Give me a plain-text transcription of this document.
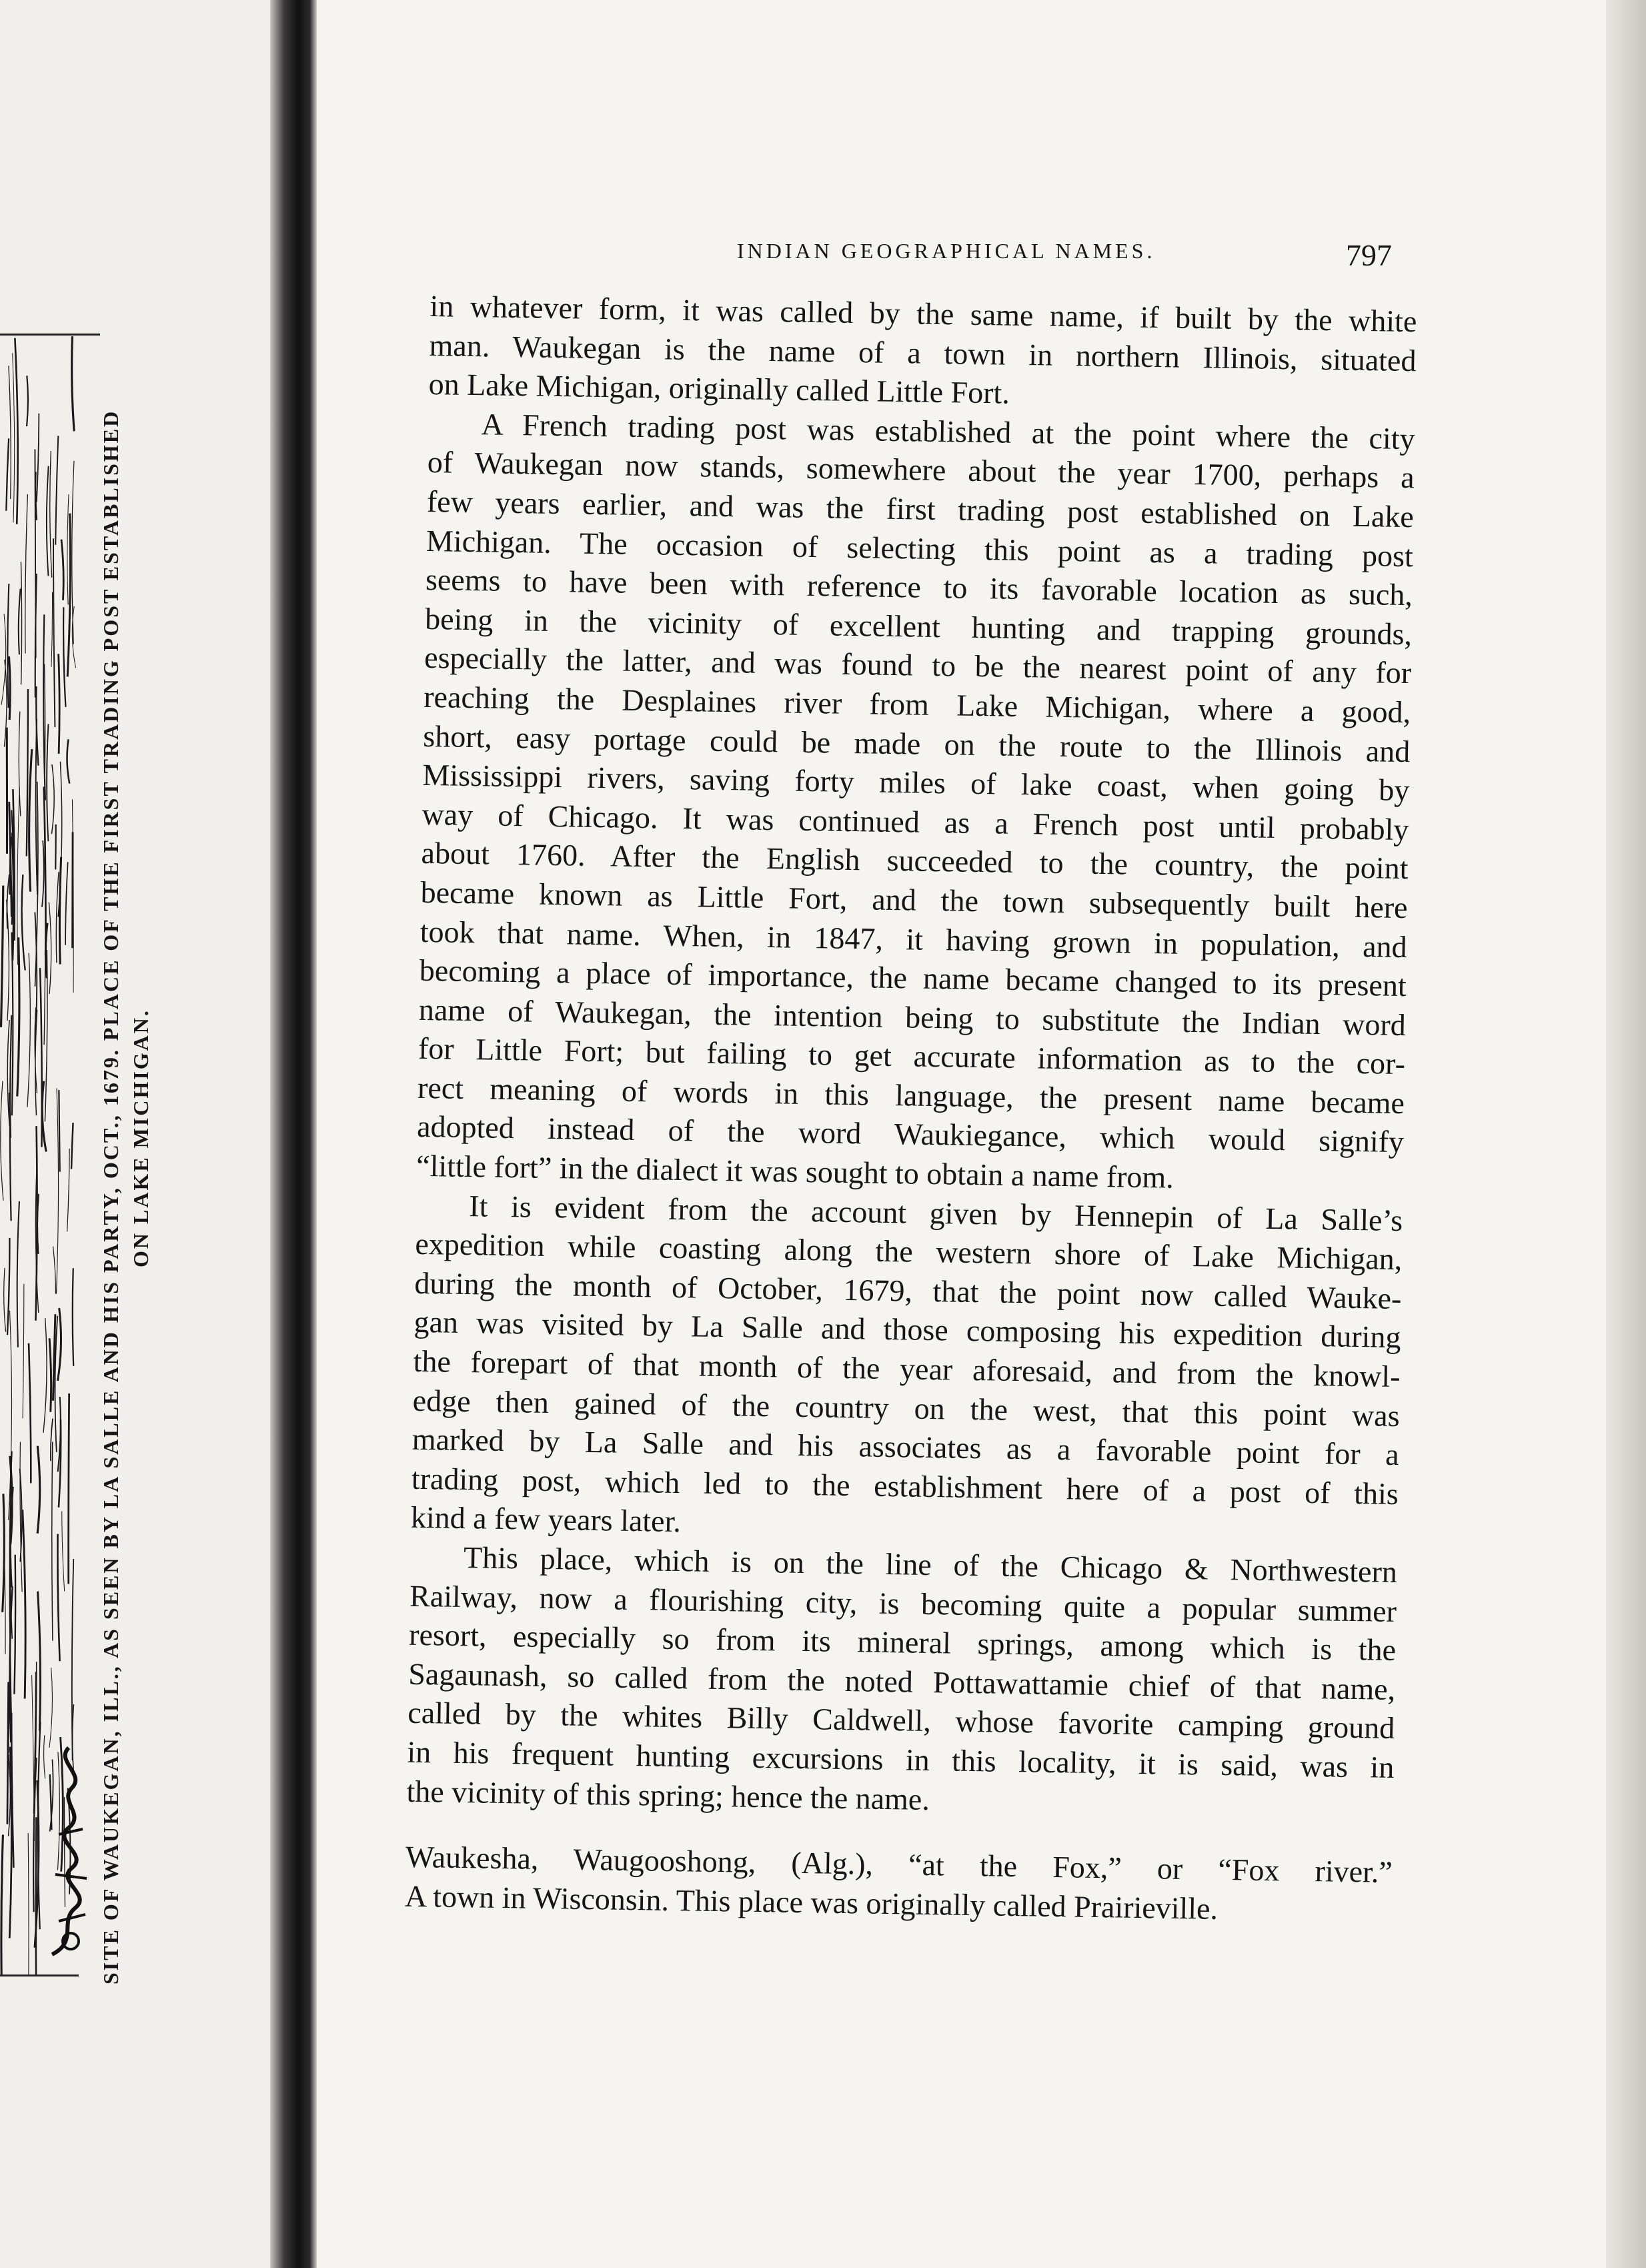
SITE OF WAUKEGAN, ILL., AS SEEN BY LA SALLE AND HIS PARTY, OCT., 1679. PLACE OF THE FIRST TRADING POST ESTABLISHED ON LAKE MICHIGAN.
INDIAN GEOGRAPHICAL NAMES.	797
in whatever form, it was called by the same name, if built by the white
man. Waukegan is the name of a town in northern Illinois, situated
on Lake Michigan, originally called Little Fort.
A French trading post was established at the point where the city
of Waukegan now stands, somewhere about the year 1700, perhaps a
few years earlier, and was the first trading post established on Lake
Michigan. The occasion of selecting this point as a trading post
seems to have been with reference to its favorable location as such,
being in the vicinity of excellent hunting and trapping grounds,
especially the latter, and was found to be the nearest point of any for
reaching the Desplaines river from Lake Michigan, where a good,
short, easy portage could be made on the route to the Illinois and
Mississippi rivers, saving forty miles of lake coast, when going by
way of Chicago. It was continued as a French post until probably
about 1760. After the English succeeded to the country, the point
became known as Little Fort, and the town subsequently built here
took that name. When, in 1847, it having grown in population, and
becoming a place of importance, the name became changed to its present
name of Waukegan, the intention being to substitute the Indian word
for Little Fort; but failing to get accurate information as to the cor-
rect meaning of words in this language, the present name became
adopted instead of the word Waukiegance, which would signify
“little fort” in the dialect it was sought to obtain a name from.
It is evident from the account given by Hennepin of La Salle’s
expedition while coasting along the western shore of Lake Michigan,
during the month of October, 1679, that the point now called Wauke-
gan was visited by La Salle and those composing his expedition during
the forepart of that month of the year aforesaid, and from the knowl-
edge then gained of the country on the west, that this point was
marked by La Salle and his associates as a favorable point for a
trading post, which led to the establishment here of a post of this
kind a few years later.
This place, which is on the line of the Chicago & Northwestern
Railway, now a flourishing city, is becoming quite a popular summer
resort, especially so from its mineral springs, among which is the
Sagaunash, so called from the noted Pottawattamie chief of that name,
called by the whites Billy Caldwell, whose favorite camping ground
in his frequent hunting excursions in this locality, it is said, was in
the vicinity of this spring; hence the name.
Waukesha, Waugooshong, (Alg.), “at the Fox,” or “Fox river.”
A town in Wisconsin. This place was originally called Prairieville.
